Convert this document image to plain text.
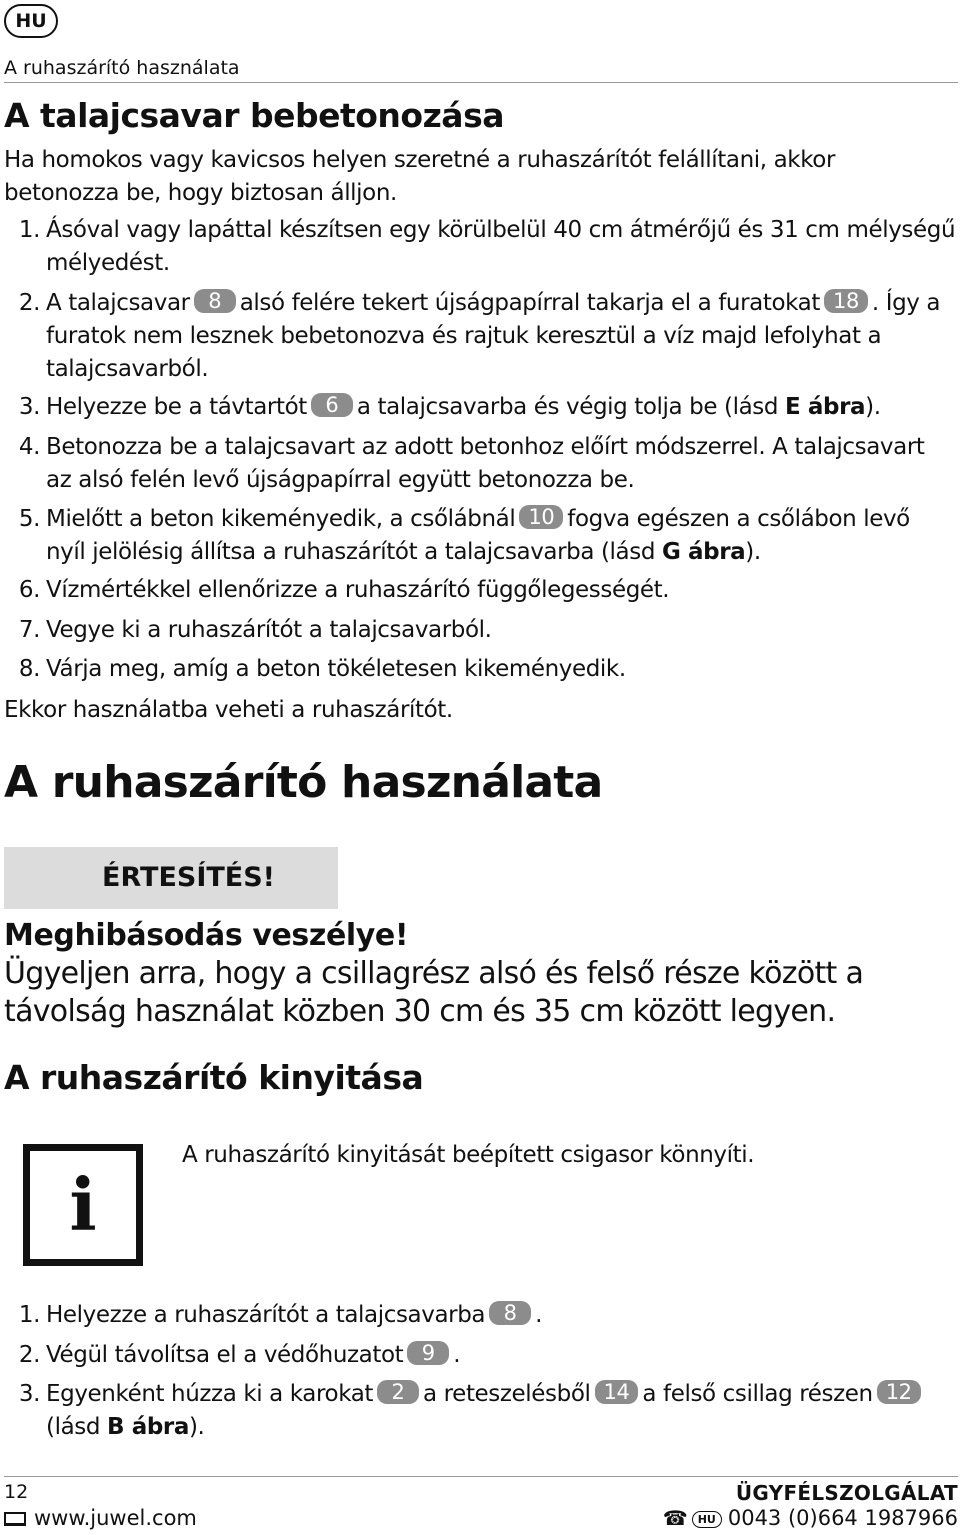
HU
A ruhaszárító használata
A talajcsavar bebetonozása
Ha homokos vagy kavicsos helyen szeretné a ruhaszárítót felállítani, akkor betonozza be, hogy biztosan álljon.
1. Ásóval vagy lapáttal készítsen egy körülbelül 40 cm átmérőjű és 31 cm mélységű mélyedést.
2. A talajcsavar 8 alsó felére tekert újságpapírral takarja el a furatokat 18 . Így a furatok nem lesznek bebetonozva és rajtuk keresztül a víz majd lefolyhat a talajcsavarból.
3. Helyezze be a távtartót 6 a talajcsavarba és végig tolja be (lásd E ábra).
4. Betonozza be a talajcsavart az adott betonhoz előírt módszerrel. A talajcsavart az alsó felén levő újságpapírral együtt betonozza be.
5. Mielőtt a beton kikeményedik, a csőlábnál 10 fogva egészen a csőlábon levő nyíl jelölésig állítsa a ruhaszárítót a talajcsavarba (lásd G ábra).
6. Vízmértékkel ellenőrizze a ruhaszárító függőlegességét.
7. Vegye ki a ruhaszárítót a talajcsavarból.
8. Várja meg, amíg a beton tökéletesen kikeményedik.
Ekkor használatba veheti a ruhaszárítót.
A ruhaszárító használata
ÉRTESÍTÉS!
Meghibásodás veszélye!
Ügyeljen arra, hogy a csillagrész alsó és felső része között a távolság használat közben 30 cm és 35 cm között legyen.
A ruhaszárító kinyitása
i
A ruhaszárító kinyitását beépített csigasor könnyíti.
1. Helyezze a ruhaszárítót a talajcsavarba 8 .
2. Végül távolítsa el a védőhuzatot 9 .
3. Egyenként húzza ki a karokat 2 a reteszelésből 14 a felső csillag részen 12
(lásd B ábra).
12
www.juwel.com
ÜGYFÉLSZOLGÁLAT
☎ HU 0043 (0)664 1987966
